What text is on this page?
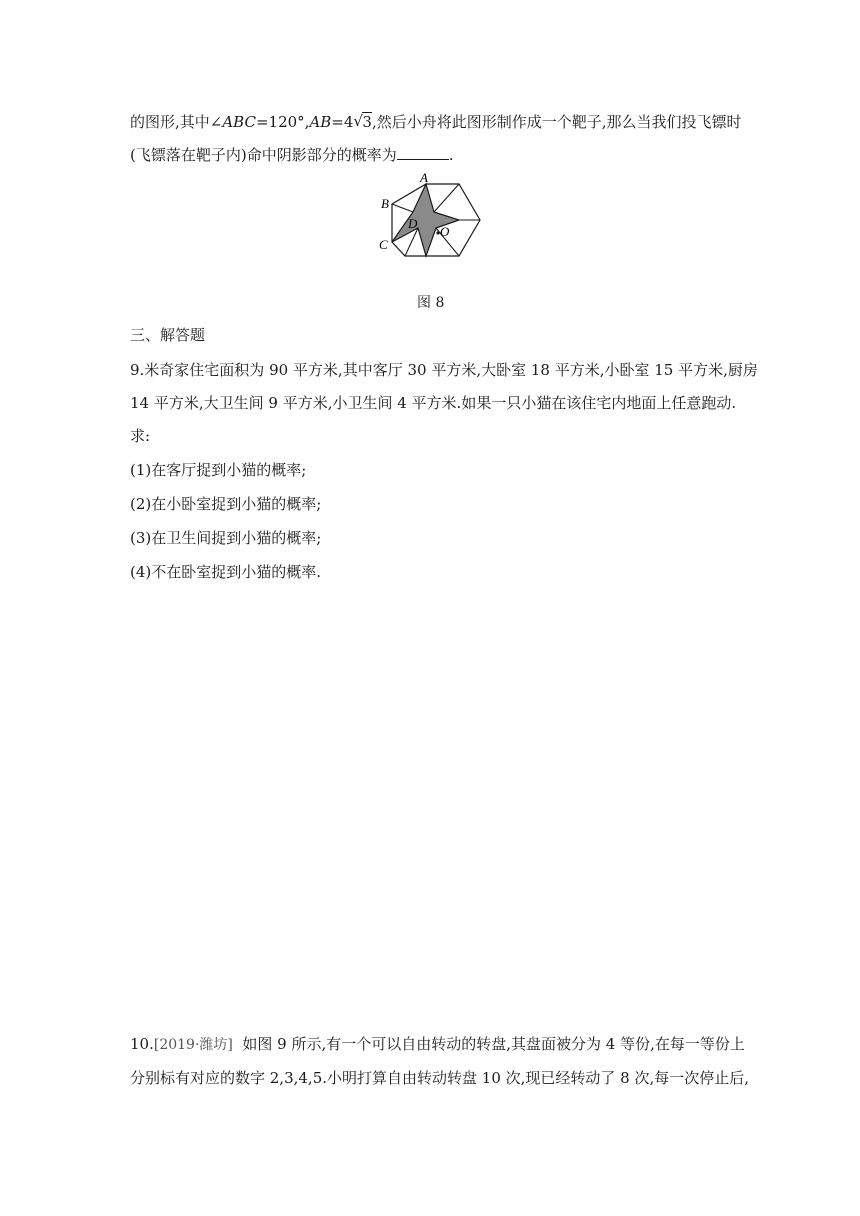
的图形,其中∠ABC=120°,AB=4 √ 3,然后小舟将此图形制作成一个靶子,那么当我们投飞镖时
(飞镖落在靶子内)命中阴影部分的概率为	.
A
B
C
D
O
图 8
三、解答题
9.米奇家住宅面积为 90 平方米,其中客厅 30 平方米,大卧室 18 平方米,小卧室 15 平方米,厨房
14 平方米,大卫生间 9 平方米,小卫生间 4 平方米.如果一只小猫在该住宅内地面上任意跑动.
求:
(1)在客厅捉到小猫的概率;
(2)在小卧室捉到小猫的概率;
(3)在卫生间捉到小猫的概率;
(4)不在卧室捉到小猫的概率.
10.[2019·潍坊]  如图 9 所示,有一个可以自由转动的转盘,其盘面被分为 4 等份,在每一等份上
分别标有对应的数字 2,3,4,5.小明打算自由转动转盘 10 次,现已经转动了 8 次,每一次停止后,
